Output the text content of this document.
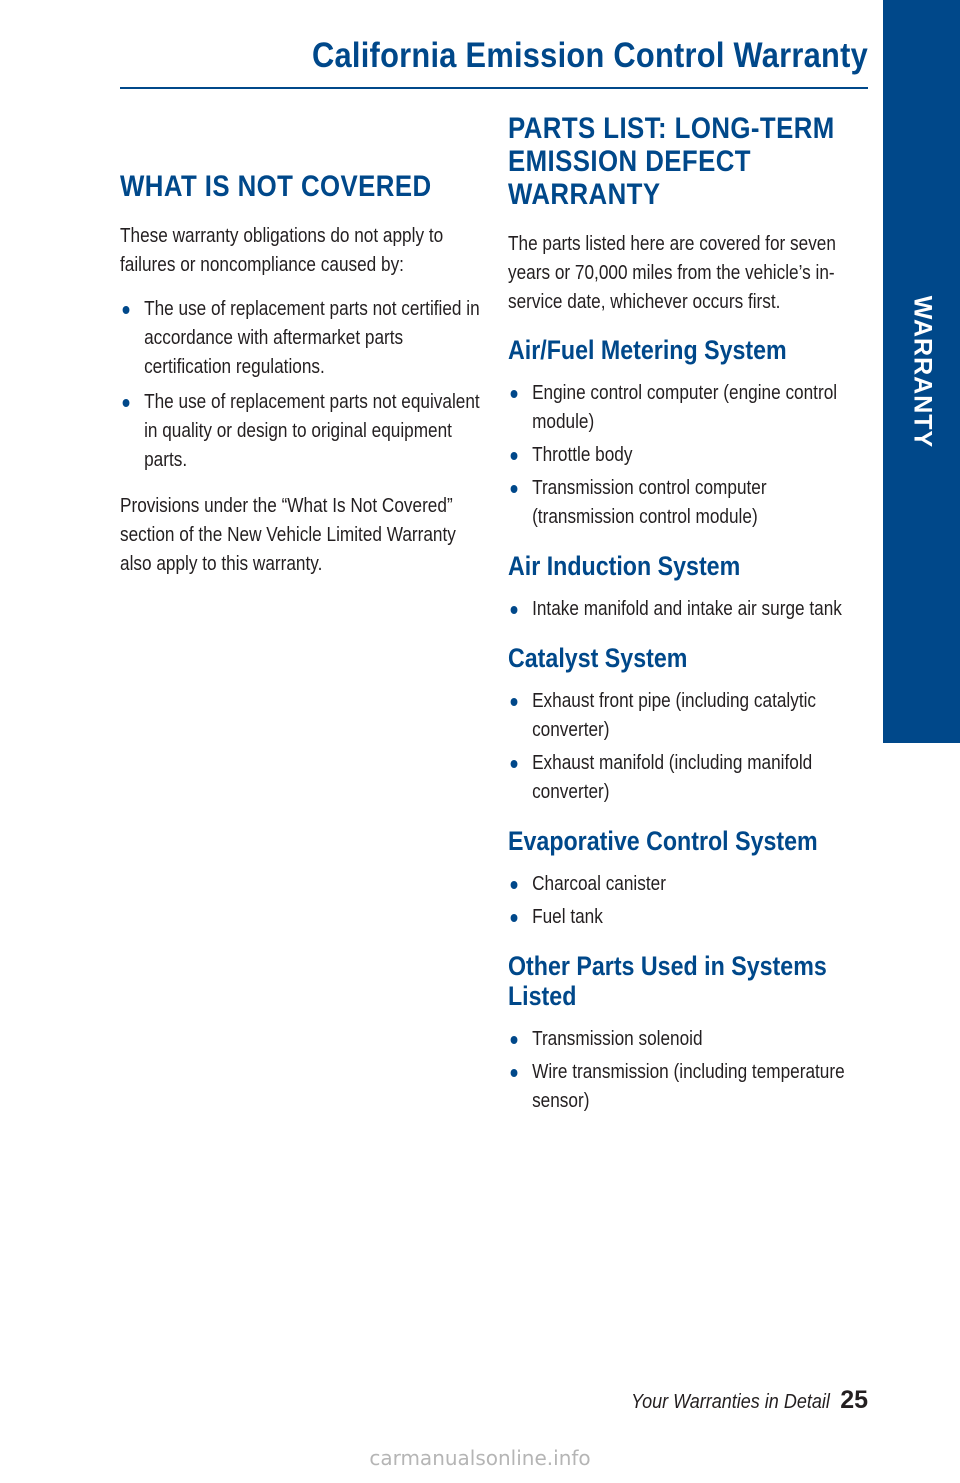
California Emission Control Warranty
WARRANTY
WHAT IS NOT COVERED

These warranty obligations do not apply to failures or noncompliance caused by:

The use of replacement parts not certified in accordance with aftermarket parts certification regulations.
The use of replacement parts not equivalent in quality or design to original equipment parts.

Provisions under the “What Is Not Covered” section of the New Vehicle Limited Warranty also apply to this warranty.

PARTS LIST: LONG-TERM EMISSION DEFECT WARRANTY

The parts listed here are covered for seven years or 70,000 miles from the vehicle’s in-service date, whichever occurs first.

Air/Fuel Metering System
Engine control computer (engine control module)
Throttle body
Transmission control computer (transmission control module)
Air Induction System
Intake manifold and intake air surge tank
Catalyst System
Exhaust front pipe (including catalytic converter)
Exhaust manifold (including manifold converter)
Evaporative Control System
Charcoal canister
Fuel tank
Other Parts Used in Systems Listed
Transmission solenoid
Wire transmission (including temperature sensor)
Your Warranties in Detail 25
carmanualsonline.info
